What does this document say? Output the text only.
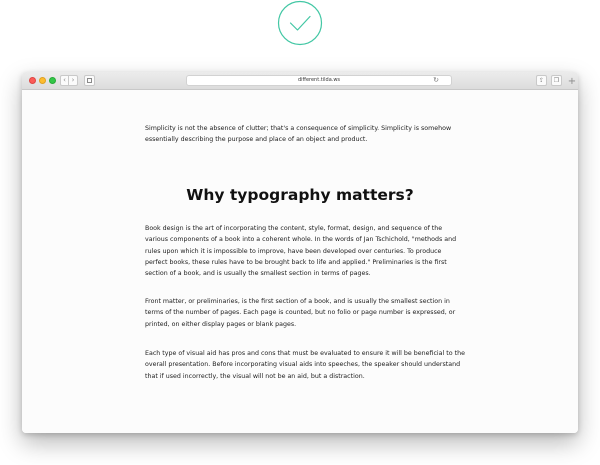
‹ ›	different.tilda.ws	↻	⇪	❐ +

Simplicity is not the absence of clutter; that's a consequence of simplicity. Simplicity is somehow essentially describing the purpose and place of an object and product.

Why typography matters?

Book design is the art of incorporating the content, style, format, design, and sequence of the various components of a book into a coherent whole. In the words of Jan Tschichold, "methods and rules upon which it is impossible to improve, have been developed over centuries. To produce perfect books, these rules have to be brought back to life and applied." Preliminaries is the first section of a book, and is usually the smallest section in terms of pages.

Front matter, or preliminaries, is the first section of a book, and is usually the smallest section in terms of the number of pages. Each page is counted, but no folio or page number is expressed, or printed, on either display pages or blank pages.

Each type of visual aid has pros and cons that must be evaluated to ensure it will be beneficial to the overall presentation. Before incorporating visual aids into speeches, the speaker should understand that if used incorrectly, the visual will not be an aid, but a distraction.
